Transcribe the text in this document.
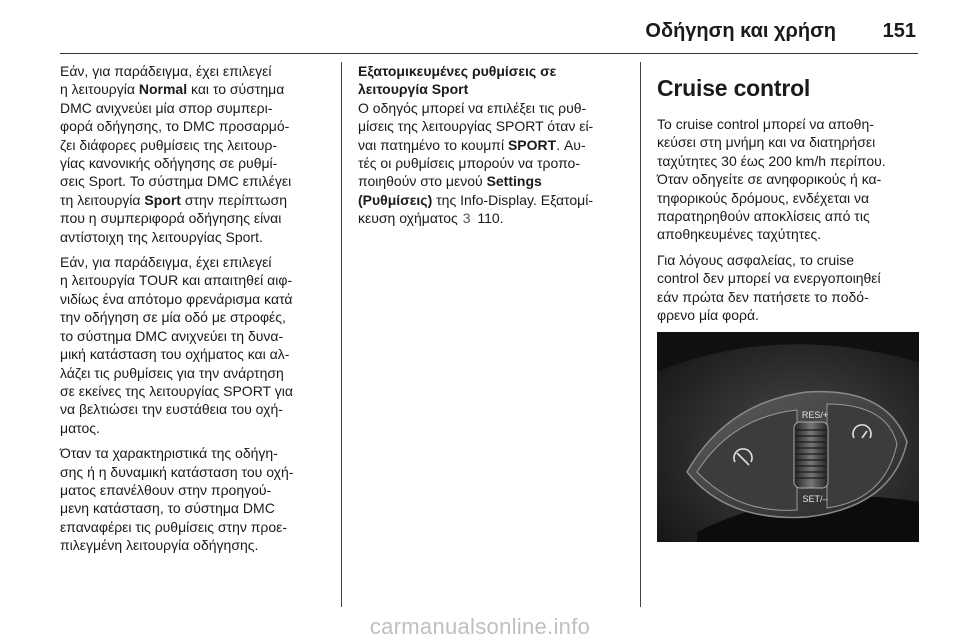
Οδήγηση και χρήση 151

Εάν, για παράδειγμα, έχει επιλεγεί
η λειτουργία Normal και το σύστημα
DMC ανιχνεύει μία σπορ συμπερι-
φορά οδήγησης, το DMC προσαρμό-
ζει διάφορες ρυθμίσεις της λειτουρ-
γίας κανονικής οδήγησης σε ρυθμί-
σεις Sport. Το σύστημα DMC επιλέγει
τη λειτουργία Sport στην περίπτωση
που η συμπεριφορά οδήγησης είναι
αντίστοιχη της λειτουργίας Sport.

Εάν, για παράδειγμα, έχει επιλεγεί
η λειτουργία TOUR και απαιτηθεί αιφ-
νιδίως ένα απότομο φρενάρισμα κατά
την οδήγηση σε μία οδό με στροφές,
το σύστημα DMC ανιχνεύει τη δυνα-
μική κατάσταση του οχήματος και αλ-
λάζει τις ρυθμίσεις για την ανάρτηση
σε εκείνες της λειτουργίας SPORT για
να βελτιώσει την ευστάθεια του οχή-
ματος.

Όταν τα χαρακτηριστικά της οδήγη-
σης ή η δυναμική κατάσταση του οχή-
ματος επανέλθουν στην προηγού-
μενη κατάσταση, το σύστημα DMC
επαναφέρει τις ρυθμίσεις στην προε-
πιλεγμένη λειτουργία οδήγησης.

Εξατομικευμένες ρυθμίσεις σε
λειτουργία Sport

Ο οδηγός μπορεί να επιλέξει τις ρυθ-
μίσεις της λειτουργίας SPORT όταν εί-
ναι πατημένο το κουμπί SPORT. Αυ-
τές οι ρυθμίσεις μπορούν να τροπο-
ποιηθούν στο μενού Settings
(Ρυθμίσεις) της Info-Display. Εξατομί-
κευση οχήματος 3 110.

Cruise control

Το cruise control μπορεί να αποθη-
κεύσει στη μνήμη και να διατηρήσει
ταχύτητες 30 έως 200 km/h περίπου.
Όταν οδηγείτε σε ανηφορικούς ή κα-
τηφορικούς δρόμους, ενδέχεται να
παρατηρηθούν αποκλίσεις από τις
αποθηκευμένες ταχύτητες.

Για λόγους ασφαλείας, το cruise
control δεν μπορεί να ενεργοποιηθεί
εάν πρώτα δεν πατήσετε το ποδό-
φρενο μία φορά.

RES/+
SET/–
carmanualsonline.info
